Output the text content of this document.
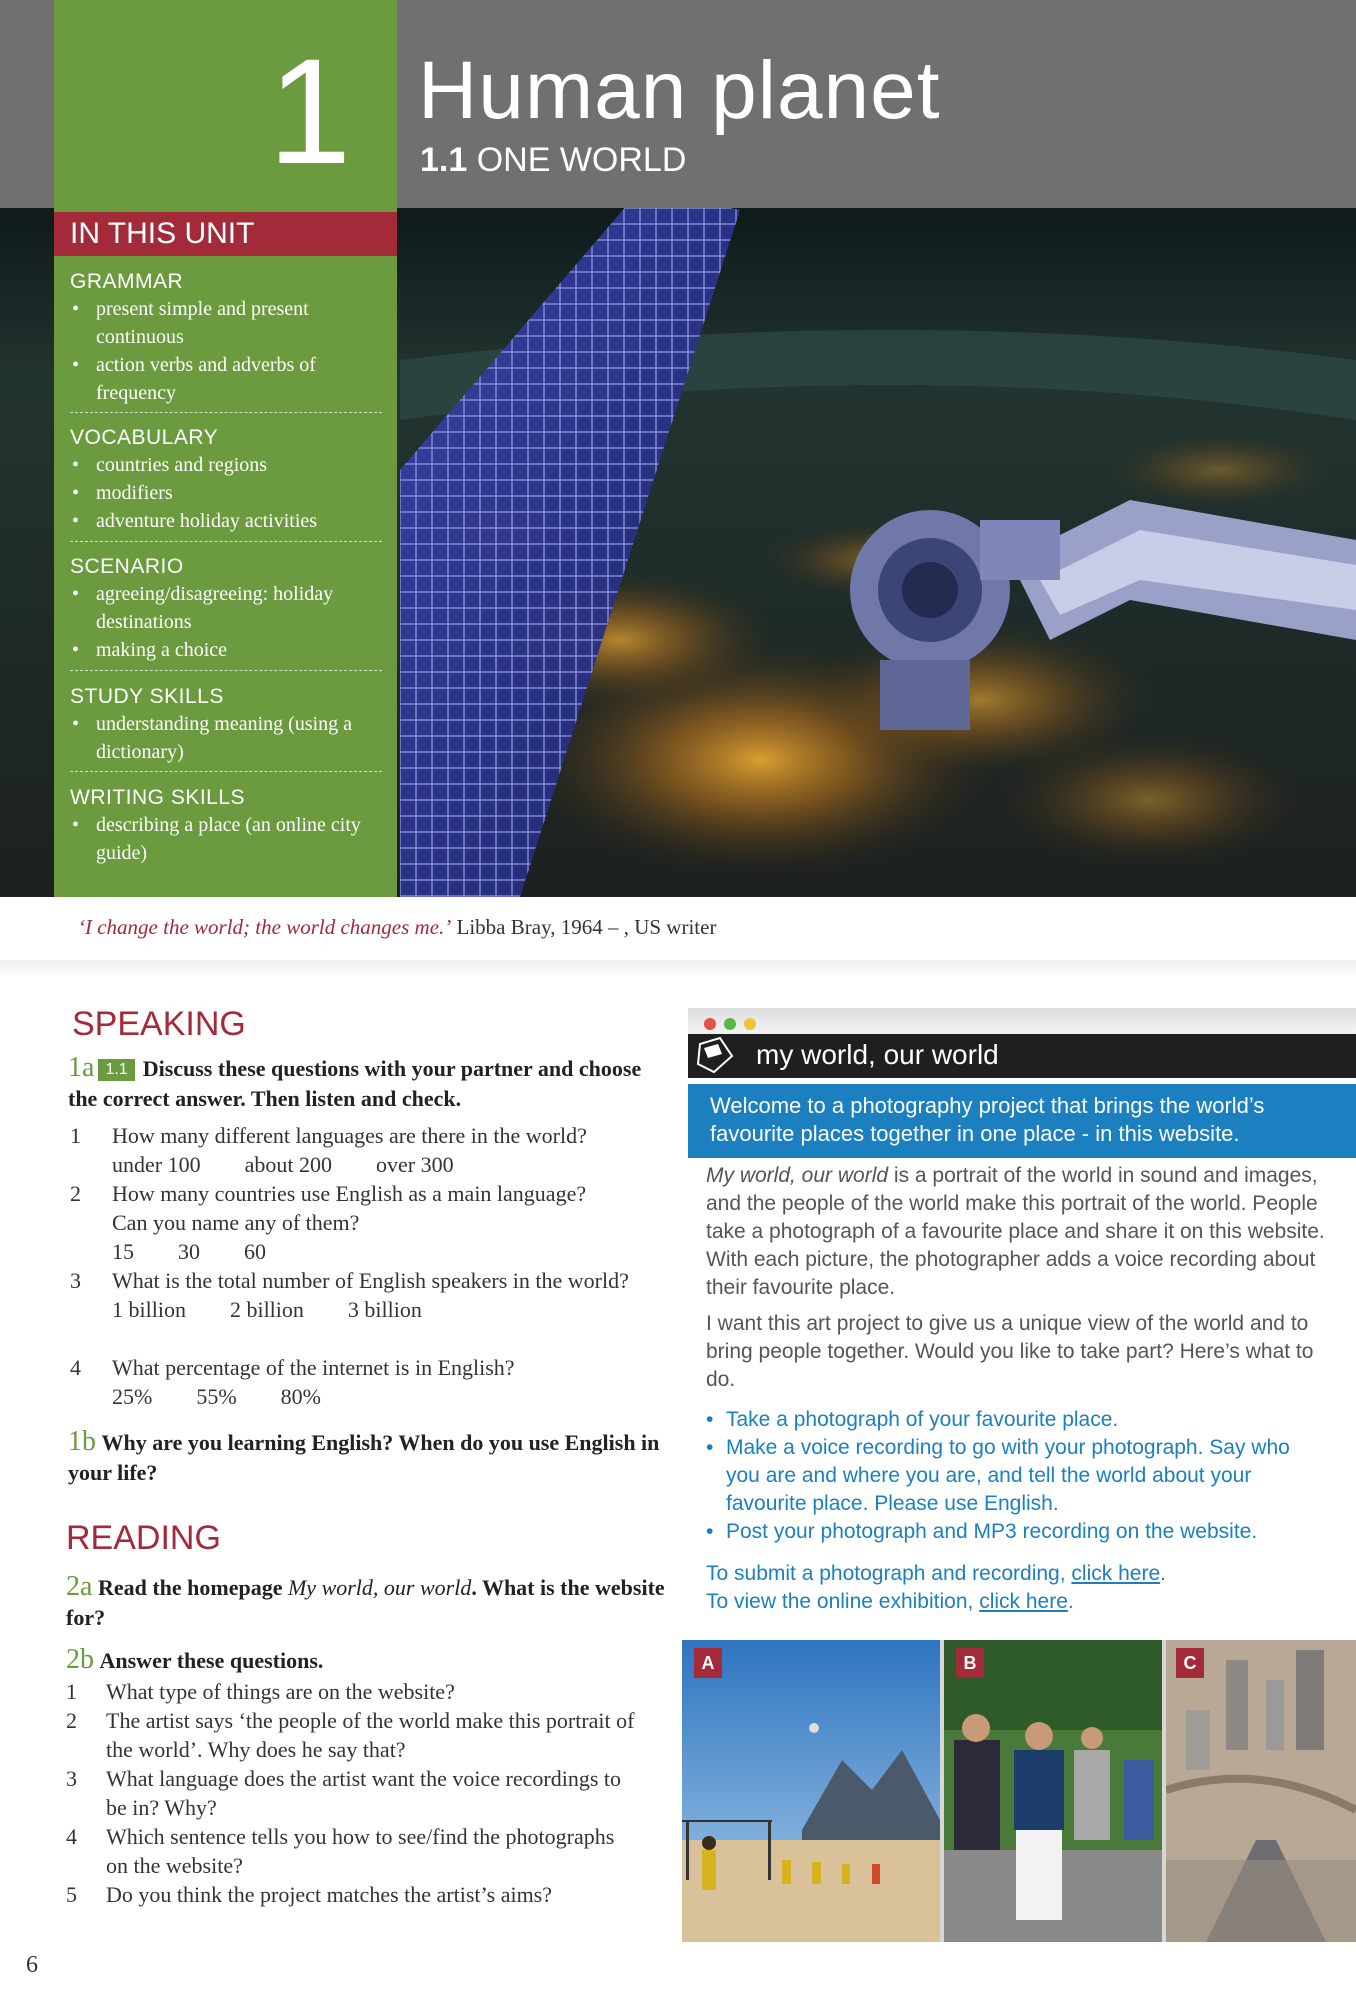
1 Human planet
1.1 ONE WORLD
IN THIS UNIT
GRAMMAR
• present simple and present continuous
• action verbs and adverbs of frequency
VOCABULARY
• countries and regions
• modifiers
• adventure holiday activities
SCENARIO
• agreeing/disagreeing: holiday destinations
• making a choice
STUDY SKILLS
• understanding meaning (using a dictionary)
WRITING SKILLS
• describing a place (an online city guide)
‘I change the world; the world changes me.’ Libba Bray, 1964 – , US writer
SPEAKING
1a 1.1 Discuss these questions with your partner and choose the correct answer. Then listen and check.
1	How many different languages are there in the world?
under 100 about 200 over 300
2	How many countries use English as a main language? Can you name any of them?
15 30 60
3	What is the total number of English speakers in the world?
1 billion 2 billion 3 billion
4	What percentage of the internet is in English?
25% 55% 80%
1b Why are you learning English? When do you use English in your life?
READING
2a Read the homepage My world, our world. What is the website for?
2b Answer these questions.
1	What type of things are on the website?
2	The artist says ‘the people of the world make this portrait of the world’. Why does he say that?
3	What language does the artist want the voice recordings to be in? Why?
4	Which sentence tells you how to see/find the photographs on the website?
5	Do you think the project matches the artist’s aims?
my world, our world
Welcome to a photography project that brings the world’s favourite places together in one place - in this website.
My world, our world is a portrait of the world in sound and images, and the people of the world make this portrait of the world. People take a photograph of a favourite place and share it on this website. With each picture, the photographer adds a voice recording about their favourite place.
I want this art project to give us a unique view of the world and to bring people together. Would you like to take part? Here’s what to do.
• Take a photograph of your favourite place.
• Make a voice recording to go with your photograph. Say who you are and where you are, and tell the world about your favourite place. Please use English.
• Post your photograph and MP3 recording on the website.
To submit a photograph and recording, click here.
To view the online exhibition, click here.
A	B	C
6
